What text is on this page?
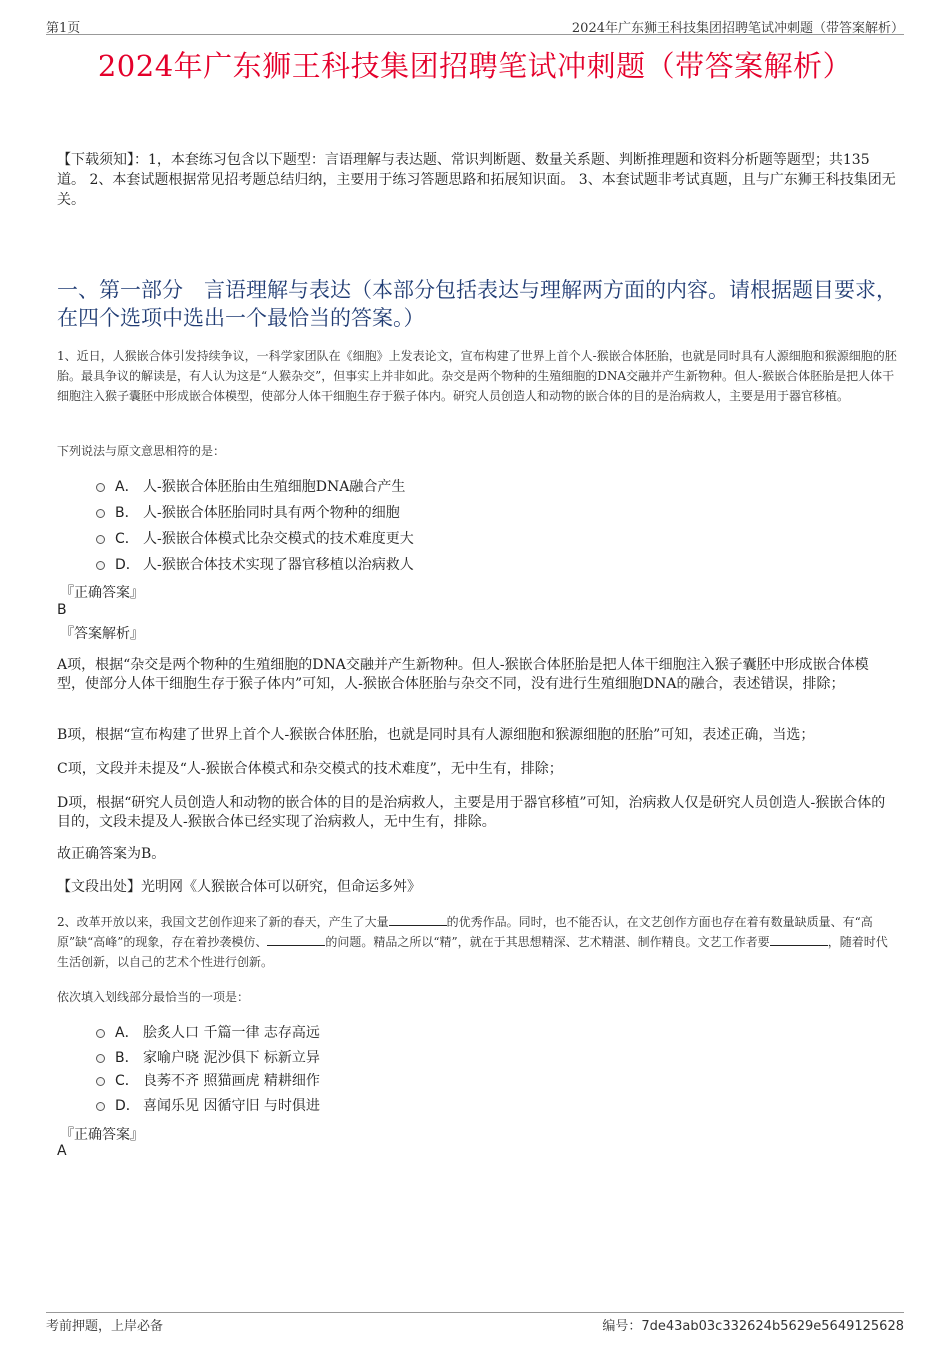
第1页	2024年广东狮王科技集团招聘笔试冲刺题（带答案解析）
2024年广东狮王科技集团招聘笔试冲刺题（带答案解析）
【下载须知】：1，本套练习包含以下题型：言语理解与表达题、常识判断题、数量关系题、判断推理题和资料分析题等题型；共135道。 2、本套试题根据常见招考题总结归纳，主要用于练习答题思路和拓展知识面。 3、本套试题非考试真题，且与广东狮王科技集团无关。
一、第一部分　言语理解与表达（本部分包括表达与理解两方面的内容。请根据题目要求，在四个选项中选出一个最恰当的答案。）
1、近日，人猴嵌合体引发持续争议，一科学家团队在《细胞》上发表论文，宣布构建了世界上首个人-猴嵌合体胚胎，也就是同时具有人源细胞和猴源细胞的胚胎。最具争议的解读是，有人认为这是“人猴杂交”，但事实上并非如此。杂交是两个物种的生殖细胞的DNA交融并产生新物种。但人-猴嵌合体胚胎是把人体干细胞注入猴子囊胚中形成嵌合体模型，使部分人体干细胞生存于猴子体内。研究人员创造人和动物的嵌合体的目的是治病救人，主要是用于器官移植。
下列说法与原文意思相符的是：
A． 人-猴嵌合体胚胎由生殖细胞DNA融合产生
B． 人-猴嵌合体胚胎同时具有两个物种的细胞
C． 人-猴嵌合体模式比杂交模式的技术难度更大
D． 人-猴嵌合体技术实现了器官移植以治病救人
『正确答案』
B
『答案解析』
A项，根据“杂交是两个物种的生殖细胞的DNA交融并产生新物种。但人-猴嵌合体胚胎是把人体干细胞注入猴子囊胚中形成嵌合体模型，使部分人体干细胞生存于猴子体内”可知，人-猴嵌合体胚胎与杂交不同，没有进行生殖细胞DNA的融合，表述错误，排除；
B项，根据“宣布构建了世界上首个人-猴嵌合体胚胎，也就是同时具有人源细胞和猴源细胞的胚胎”可知，表述正确，当选；
C项，文段并未提及“人-猴嵌合体模式和杂交模式的技术难度”，无中生有，排除；
D项，根据“研究人员创造人和动物的嵌合体的目的是治病救人，主要是用于器官移植”可知，治病救人仅是研究人员创造人-猴嵌合体的目的，文段未提及人-猴嵌合体已经实现了治病救人，无中生有，排除。
故正确答案为B。
【文段出处】光明网《人猴嵌合体可以研究，但命运多舛》
2、改革开放以来，我国文艺创作迎来了新的春天，产生了大量	的优秀作品。同时，也不能否认，在文艺创作方面也存在着有数量缺质量、有“高原”缺“高峰”的现象，存在着抄袭模仿、	的问题。精品之所以“精”，就在于其思想精深、艺术精湛、制作精良。文艺工作者要	，随着时代生活创新，以自己的艺术个性进行创新。
依次填入划线部分最恰当的一项是：
A． 脍炙人口 千篇一律 志存高远
B． 家喻户晓 泥沙俱下 标新立异
C． 良莠不齐 照猫画虎 精耕细作
D． 喜闻乐见 因循守旧 与时俱进
『正确答案』
A
考前押题，上岸必备	编号：7de43ab03c332624b5629e5649125628
